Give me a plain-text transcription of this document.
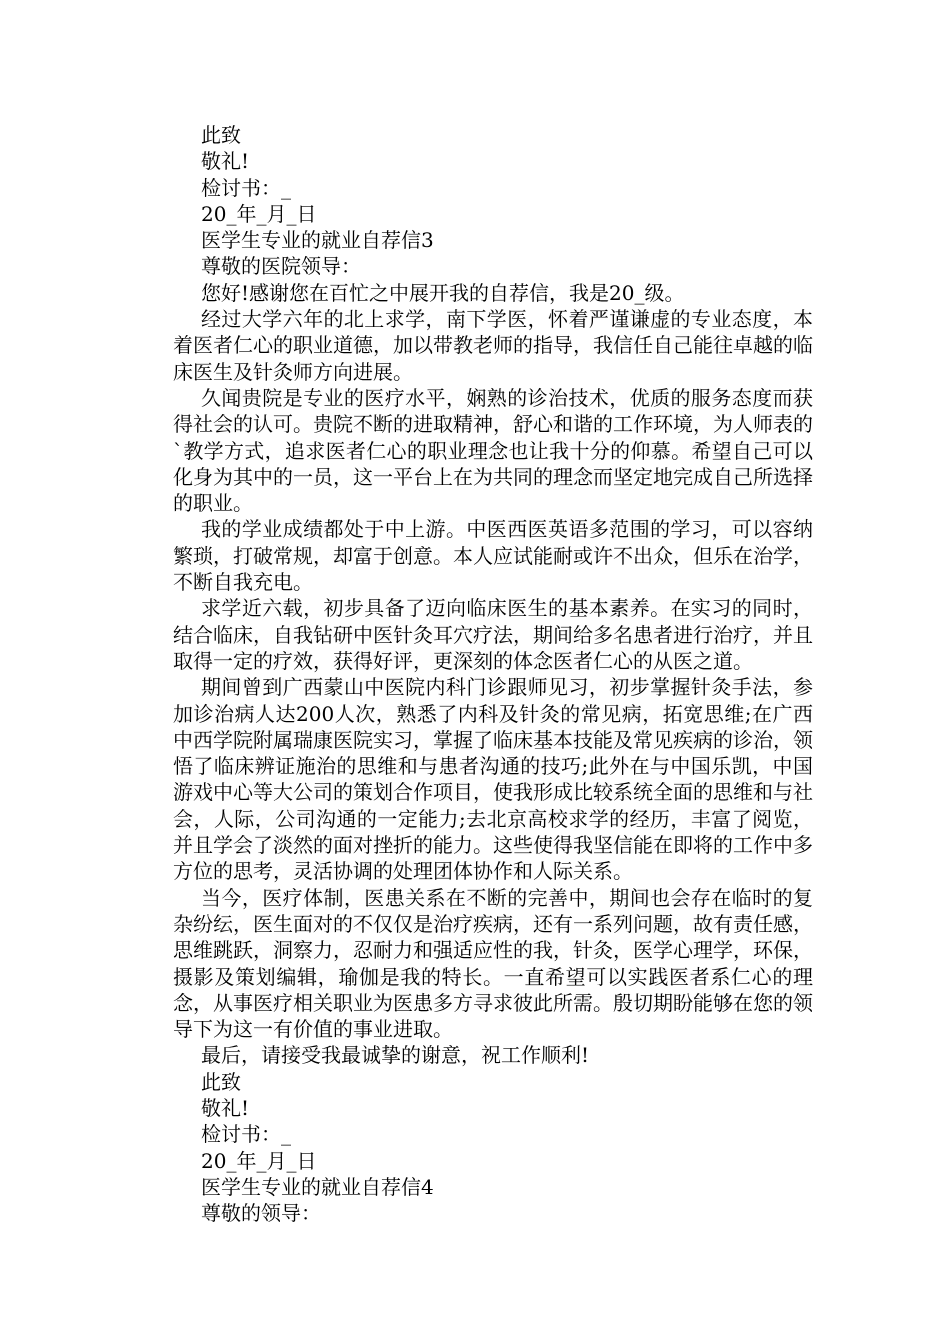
此致
敬礼!
检讨书：_
20_年_月_日
医学生专业的就业自荐信3
尊敬的医院领导：
您好!感谢您在百忙之中展开我的自荐信，我是20_级。
经过大学六年的北上求学，南下学医，怀着严谨谦虚的专业态度，本着医者仁心的职业道德，加以带教老师的指导，我信任自己能往卓越的临床医生及针灸师方向进展。
久闻贵院是专业的医疗水平，娴熟的诊治技术，优质的服务态度而获得社会的认可。贵院不断的进取精神，舒心和谐的工作环境，为人师表的`教学方式，追求医者仁心的职业理念也让我十分的仰慕。希望自己可以化身为其中的一员，这一平台上在为共同的理念而坚定地完成自己所选择的职业。
我的学业成绩都处于中上游。中医西医英语多范围的学习，可以容纳繁琐，打破常规，却富于创意。本人应试能耐或许不出众，但乐在治学，不断自我充电。
求学近六载，初步具备了迈向临床医生的基本素养。在实习的同时，结合临床，自我钻研中医针灸耳穴疗法，期间给多名患者进行治疗，并且取得一定的疗效，获得好评，更深刻的体念医者仁心的从医之道。
期间曾到广西蒙山中医院内科门诊跟师见习，初步掌握针灸手法，参加诊治病人达200人次，熟悉了内科及针灸的常见病，拓宽思维;在广西中西学院附属瑞康医院实习，掌握了临床基本技能及常见疾病的诊治，领悟了临床辨证施治的思维和与患者沟通的技巧;此外在与中国乐凯，中国游戏中心等大公司的策划合作项目，使我形成比较系统全面的思维和与社会，人际，公司沟通的一定能力;去北京高校求学的经历，丰富了阅览，并且学会了淡然的面对挫折的能力。这些使得我坚信能在即将的工作中多方位的思考，灵活协调的处理团体协作和人际关系。
当今，医疗体制，医患关系在不断的完善中，期间也会存在临时的复杂纷纭，医生面对的不仅仅是治疗疾病，还有一系列问题，故有责任感，思维跳跃，洞察力，忍耐力和强适应性的我，针灸，医学心理学，环保，摄影及策划编辑，瑜伽是我的特长。一直希望可以实践医者系仁心的理念，从事医疗相关职业为医患多方寻求彼此所需。殷切期盼能够在您的领导下为这一有价值的事业进取。
最后，请接受我最诚挚的谢意，祝工作顺利!
此致
敬礼!
检讨书：_
20_年_月_日
医学生专业的就业自荐信4
尊敬的领导：
